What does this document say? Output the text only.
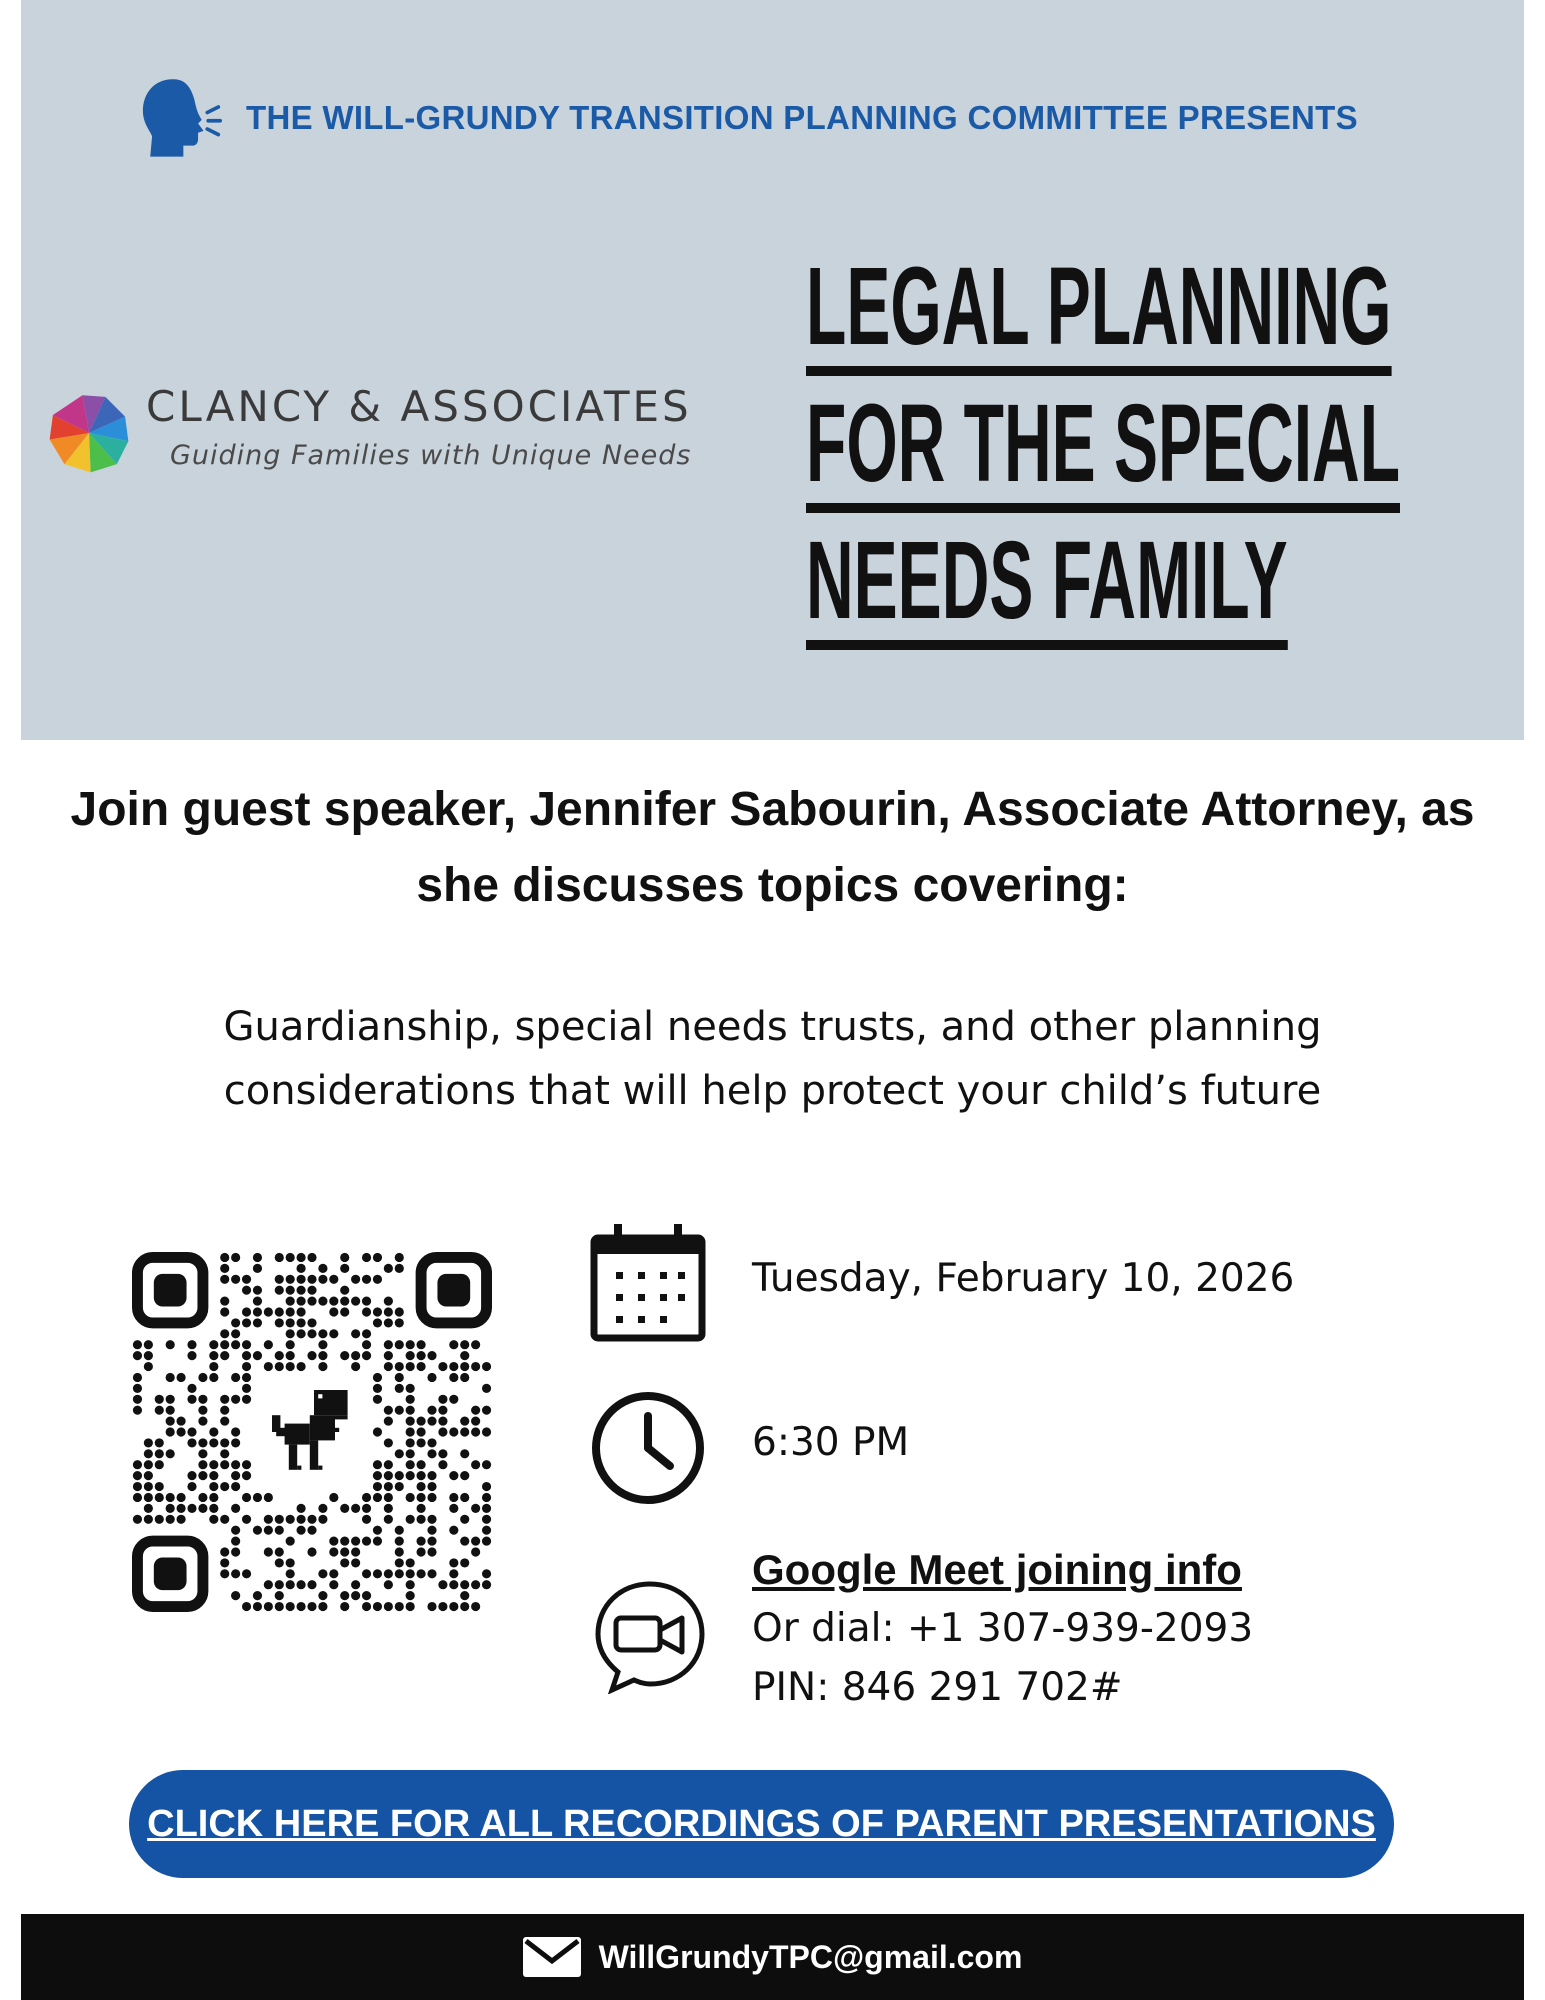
THE WILL-GRUNDY TRANSITION PLANNING COMMITTEE PRESENTS
CLANCY & ASSOCIATES
Guiding Families with Unique Needs
LEGAL PLANNING
FOR THE SPECIAL
NEEDS FAMILY
Join guest speaker, Jennifer Sabourin, Associate Attorney, as she discusses topics covering:
Guardianship, special needs trusts, and other planning considerations that will help protect your child’s future
Tuesday, February 10, 2026
6:30 PM
Google Meet joining info
Or dial: +1 307-939-2093
PIN: 846 291 702#
CLICK HERE FOR ALL RECORDINGS OF PARENT PRESENTATIONS
WillGrundyTPC@gmail.com
